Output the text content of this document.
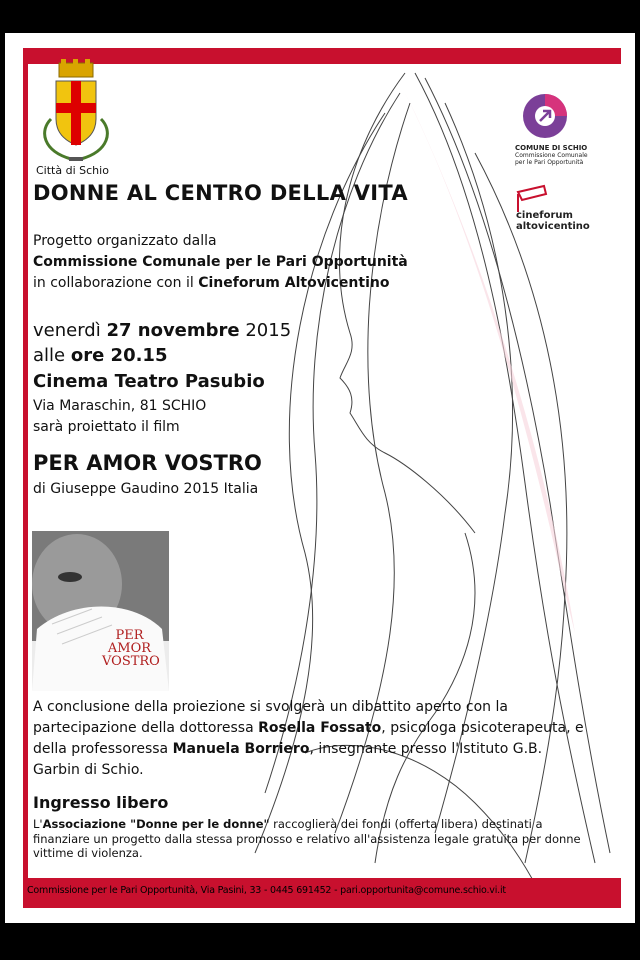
Città di Schio
DONNE AL CENTRO DELLA VITA
COMUNE DI SCHIO
Commissione Comunale
per le Pari Opportunità
cineforum
altovicentino
Progetto organizzato dalla
Commissione Comunale per le Pari Opportunità
in collaborazione con il Cineforum Altovicentino
venerdì 27 novembre 2015
alle ore 20.15
Cinema Teatro Pasubio
Via Maraschin, 81 SCHIO
sarà proiettato il film
PER AMOR VOSTRO
di Giuseppe Gaudino 2015 Italia
PER
AMOR
VOSTRO
A conclusione della proiezione si svolgerà un dibattito aperto con la partecipazione della dottoressa Rosella Fossato, psicologa psicoterapeuta, e della professoressa Manuela Borriero, insegnante presso l'Istituto G.B. Garbin di Schio.
Ingresso libero
L'Associazione "Donne per le donne" raccoglierà dei fondi (offerta libera) destinati a finanziare un progetto dalla stessa promosso e relativo all'assistenza legale gratuita per donne vittime di violenza.
Commissione per le Pari Opportunità, Via Pasini, 33 - 0445 691452 - pari.opportunita@comune.schio.vi.it
